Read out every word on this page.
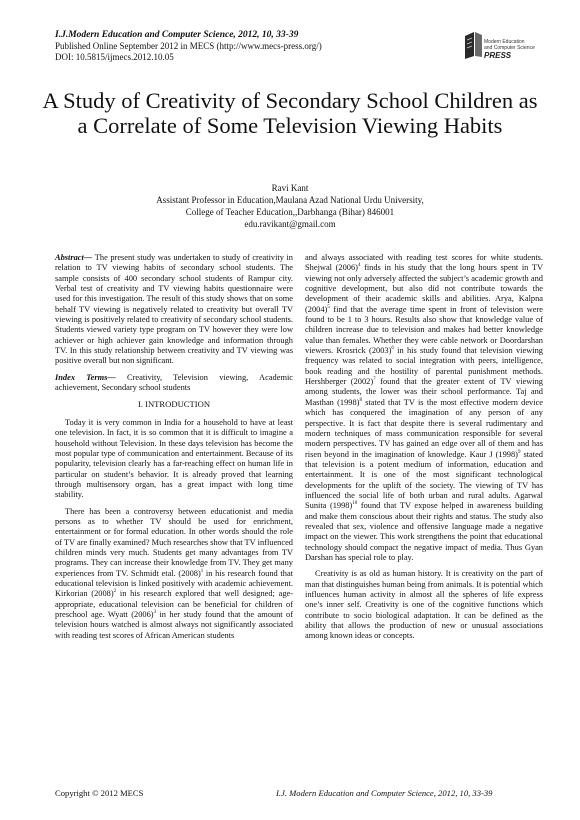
I.J.Modern Education and Computer Science, 2012, 10, 33-39
Published Online September 2012 in MECS (http://www.mecs-press.org/)
DOI: 10.5815/ijmecs.2012.10.05
Modern Education
and Computer Science
PRESS
A Study of Creativity of Secondary School Children as a Correlate of Some Television Viewing Habits
Ravi Kant
Assistant Professor in Education,Maulana Azad National Urdu University,
College of Teacher Education,,Darbhanga (Bihar) 846001
edu.ravikant@gmail.com

Abstract— The present study was undertaken to study of creativity in relation to TV viewing habits of secondary school students. The sample consists of 400 secondary school students of Rampur city. Verbal test of creativity and TV viewing habits questionnaire were used for this investigation. The result of this study shows that on some behalf TV viewing is negatively related to creativity but overall TV viewing is positively related to creativity of secondary school students. Students viewed variety type program on TV however they were low achiever or high achiever gain knowledge and information through TV. In this study relationship between creativity and TV viewing was positive overall but non significant.

Index Terms— Creativity, Television viewing, Academic achievement, Secondary school students

I. INTRODUCTION

Today it is very common in India for a household to have at least one television. In fact, it is so common that it is difficult to imagine a household without Television. In these days television has become the most popular type of communication and entertainment. Because of its popularity, television clearly has a far-reaching effect on human life in particular on student’s behavior. It is already proved that learning through multisensory organ, has a great impact with long time stability.

There has been a controversy between educationist and media persons as to whether TV should be used for enrichment, entertainment or for formal education. In other words should the role of TV are finally examined? Much researches show that TV influenced children minds very much. Students get many advantages from TV programs. They can increase their knowledge from TV. They get many experiences from TV. Schmidt etal. $(2008)^1$ in his research found that educational television is linked positively with academic achievement. Kirkorian $(2008)^2$ in his research explored that well designed; age-appropriate, educational television can be beneficial for children of preschool age. Wyatt $(2006)^3$ in her study found that the amount of television hours watched is almost always not significantly associated with reading test scores of African American students

and always associated with reading test scores for white students. Shejwal $(2006)^4$ finds in his study that the long hours spent in TV viewing not only adversely affected the subject’s academic growth and cognitive development, but also did not contribute towards the development of their academic skills and abilities. Arya, Kalpna $(2004)^5$ find that the average time spent in front of television were found to be 1 to 3 hours. Results also show that knowledge value of children increase due to television and makes had better knowledge value than females. Whether they were cable network or Doordarshan viewers. Krosrick $(2003)^6$ in his study found that television viewing frequency was related to social integration with peers, intelligence, book reading and the hostility of parental punishment methods. Hershberger $(2002)^7$ found that the greater extent of TV viewing among students, the lower was their school performance. Taj and Masthan $(1998)^8$ stated that TV is the most effective modern device which has conquered the imagination of any person of any perspective. It is fact that despite there is several rudimentary and modern techniques of mass communication responsible for several modern perspectives. TV has gained an edge over all of them and has risen beyond in the imagination of knowledge. Kaur J $(1998)^9$ stated that television is a potent medium of information, education and entertainment. It is one of the most significant technological developments for the uplift of the society. The viewing of TV has influenced the social life of both urban and rural adults. Agarwal Sunita $(1998)^{10}$ found that TV expose helped in awareness building and make them conscious about their rights and status. The study also revealed that sex, violence and offensive language made a negative impact on the viewer. This work strengthens the point that educational technology should compact the negative impact of media. Thus Gyan Darshan has special role to play.

Creativity is as old as human history. It is creativity on the part of man that distinguishes human being from animals. It is potential which influences human activity in almost all the spheres of life express one’s inner self. Creativity is one of the cognitive functions which contribute to socio biological adaptation. It can be defined as the ability that allows the production of new or unusual associations among known ideas or concepts.

Copyright © 2012 MECS	I.J. Modern Education and Computer Science, 2012, 10, 33-39
